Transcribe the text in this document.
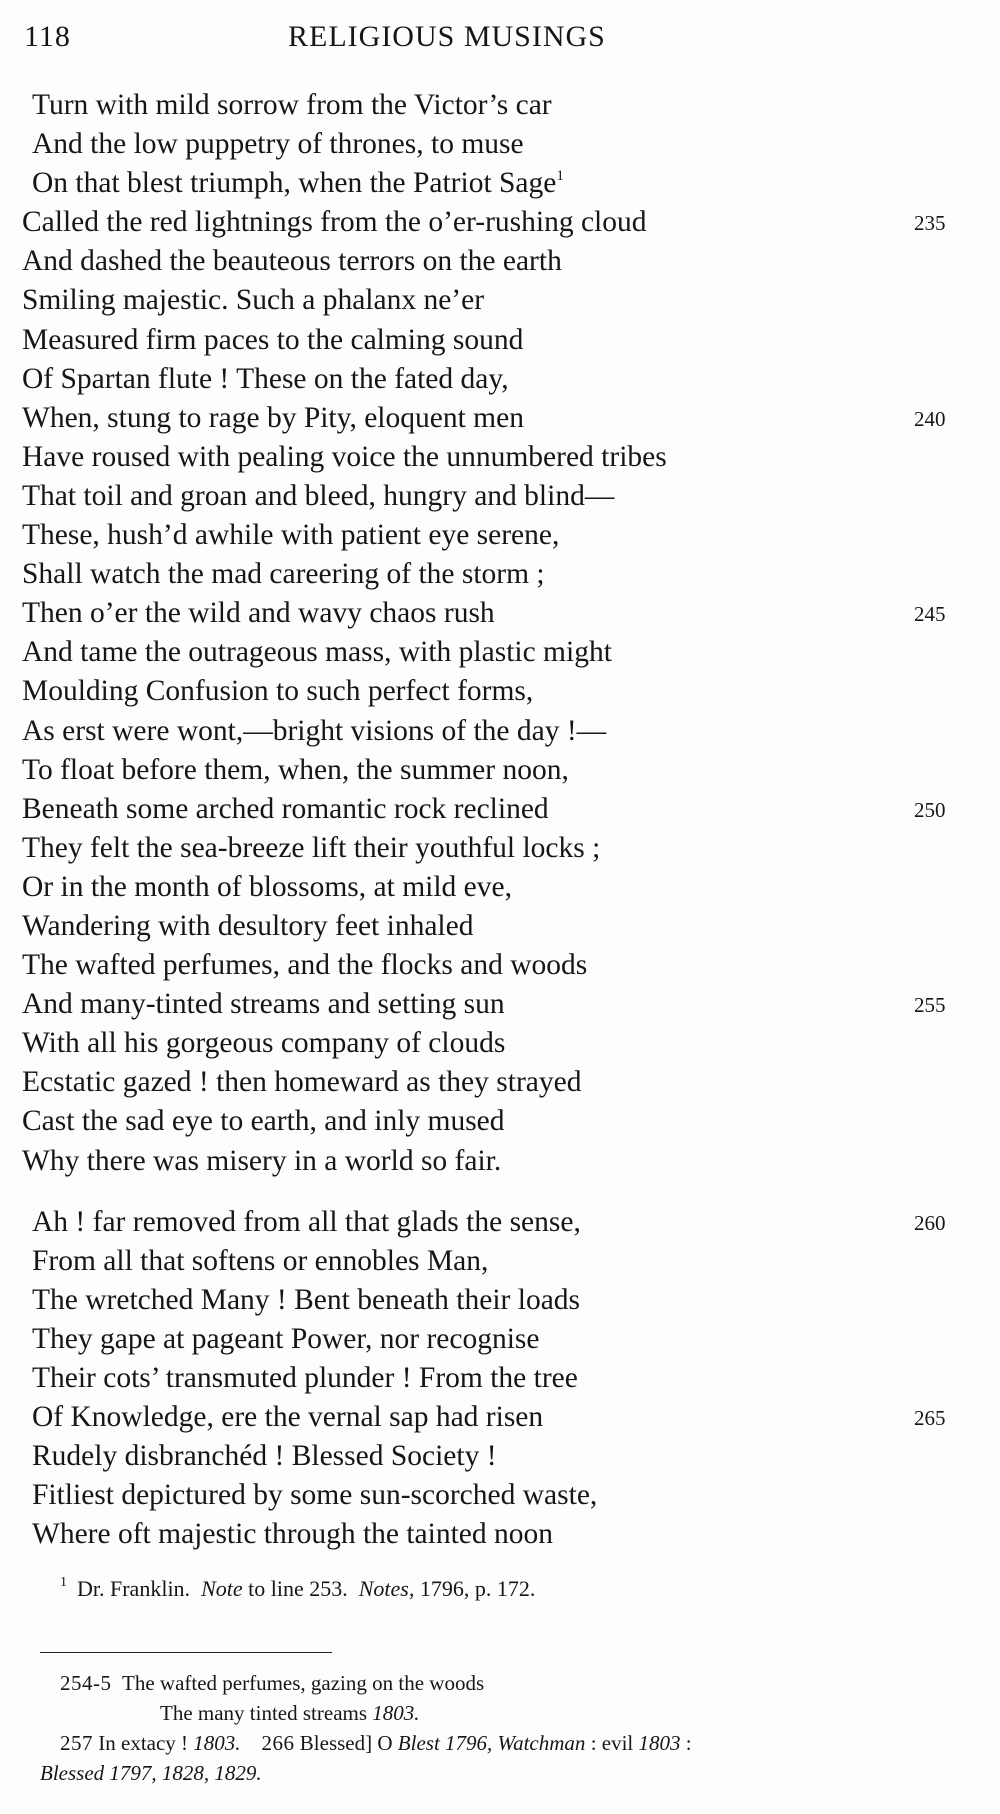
118	RELIGIOUS MUSINGS
Turn with mild sorrow from the Victor’s car
And the low puppetry of thrones, to muse
On that blest triumph, when the Patriot Sage$^1$
Called the red lightnings from the o’er-rushing cloud	235
And dashed the beauteous terrors on the earth
Smiling majestic. Such a phalanx ne’er
Measured firm paces to the calming sound
Of Spartan flute ! These on the fated day,
When, stung to rage by Pity, eloquent men	240
Have roused with pealing voice the unnumbered tribes
That toil and groan and bleed, hungry and blind—
These, hush’d awhile with patient eye serene,
Shall watch the mad careering of the storm ;
Then o’er the wild and wavy chaos rush	245
And tame the outrageous mass, with plastic might
Moulding Confusion to such perfect forms,
As erst were wont,—bright visions of the day !—
To float before them, when, the summer noon,
Beneath some arched romantic rock reclined	250
They felt the sea-breeze lift their youthful locks ;
Or in the month of blossoms, at mild eve,
Wandering with desultory feet inhaled
The wafted perfumes, and the flocks and woods
And many-tinted streams and setting sun	255
With all his gorgeous company of clouds
Ecstatic gazed ! then homeward as they strayed
Cast the sad eye to earth, and inly mused
Why there was misery in a world so fair.
Ah ! far removed from all that glads the sense,	260
From all that softens or ennobles Man,
The wretched Many ! Bent beneath their loads
They gape at pageant Power, nor recognise
Their cots’ transmuted plunder ! From the tree
Of Knowledge, ere the vernal sap had risen	265
Rudely disbranchéd ! Blessed Society !
Fitliest depictured by some sun-scorched waste,
Where oft majestic through the tainted noon
$^1$ Dr. Franklin. Note to line 253. Notes, 1796, p. 172.
254-5 The wafted perfumes, gazing on the woods
The many tinted streams 1803.
257 In extacy ! 1803. 266 Blessed] O Blest 1796, Watchman : evil 1803 :
Blessed 1797, 1828, 1829.
